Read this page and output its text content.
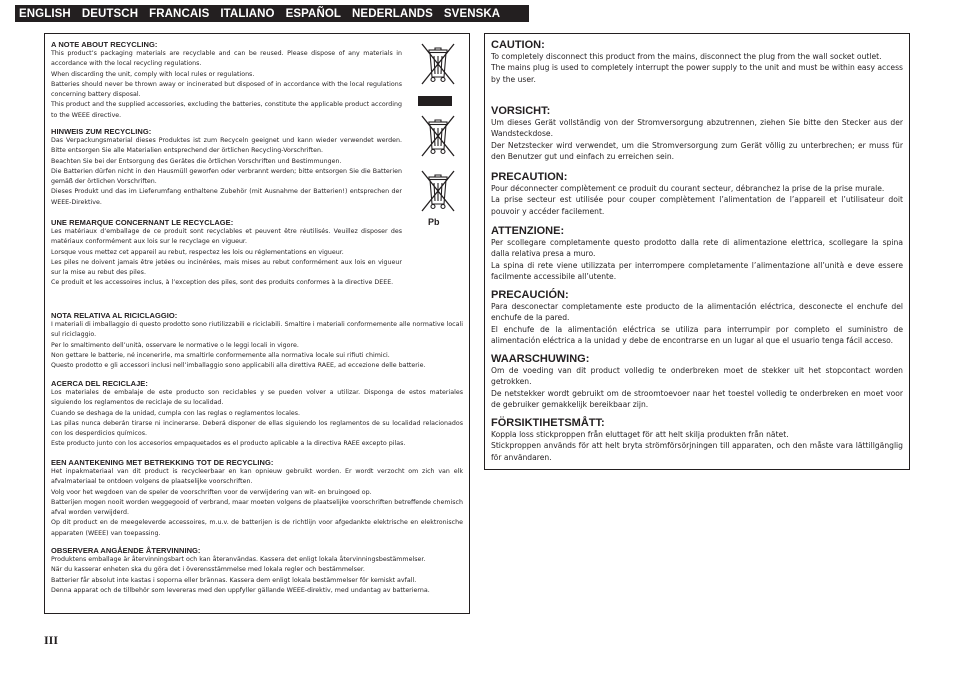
ENGLISH DEUTSCH FRANCAIS ITALIANO ESPAÑOL NEDERLANDS SVENSKA
A NOTE ABOUT RECYCLING:

This product’s packaging materials are recyclable and can be reused. Please dispose of any materials in accordance with the local recycling regulations.

When discarding the unit, comply with local rules or regulations.

Batteries should never be thrown away or incinerated but disposed of in accordance with the local regulations concerning battery disposal.

This product and the supplied accessories, excluding the batteries, constitute the applicable product according to the WEEE directive.

HINWEIS ZUM RECYCLING:

Das Verpackungsmaterial dieses Produktes ist zum Recyceln geeignet und kann wieder verwendet werden. Bitte entsorgen Sie alle Materialien entsprechend der örtlichen Recycling-Vorschriften.

Beachten Sie bei der Entsorgung des Gerätes die örtlichen Vorschriften und Bestimmungen.

Die Batterien dürfen nicht in den Hausmüll geworfen oder verbrannt werden; bitte entsorgen Sie die Batterien gemäß der örtlichen Vorschriften.

Dieses Produkt und das im Lieferumfang enthaltene Zubehör (mit Ausnahme der Batterien!) entsprechen der WEEE-Direktive.

UNE REMARQUE CONCERNANT LE RECYCLAGE:

Les matériaux d’emballage de ce produit sont recyclables et peuvent être réutilisés. Veuillez disposer des matériaux conformément aux lois sur le recyclage en vigueur.

Lorsque vous mettez cet appareil au rebut, respectez les lois ou réglementations en vigueur.

Les piles ne doivent jamais être jetées ou incinérées, mais mises au rebut conformément aux lois en vigueur sur la mise au rebut des piles.

Ce produit et les accessoires inclus, à l’exception des piles, sont des produits conformes à la directive DEEE.

NOTA RELATIVA AL RICICLAGGIO:

I materiali di imballaggio di questo prodotto sono riutilizzabili e riciclabili. Smaltire i materiali conformemente alle normative locali sul riciclaggio.

Per lo smaltimento dell’unità, osservare le normative o le leggi locali in vigore.

Non gettare le batterie, né incenerirle, ma smaltirle conformemente alla normativa locale sui rifiuti chimici.

Questo prodotto e gli accessori inclusi nell’imballaggio sono applicabili alla direttiva RAEE, ad eccezione delle batterie.

ACERCA DEL RECICLAJE:

Los materiales de embalaje de este producto son reciclables y se pueden volver a utilizar. Disponga de estos materiales siguiendo los reglamentos de reciclaje de su localidad.

Cuando se deshaga de la unidad, cumpla con las reglas o reglamentos locales.

Las pilas nunca deberán tirarse ni incinerarse. Deberá disponer de ellas siguiendo los reglamentos de su localidad relacionados con los desperdicios químicos.

Este producto junto con los accesorios empaquetados es el producto aplicable a la directiva RAEE excepto pilas.

EEN AANTEKENING MET BETREKKING TOT DE RECYCLING:

Het inpakmateriaal van dit product is recycleerbaar en kan opnieuw gebruikt worden. Er wordt verzocht om zich van elk afvalmateriaal te ontdoen volgens de plaatselijke voorschriften.

Volg voor het wegdoen van de speler de voorschriften voor de verwijdering van wit- en bruingoed op.

Batterijen mogen nooit worden weggegooid of verbrand, maar moeten volgens de plaatselijke voorschriften betreffende chemisch afval worden verwijderd.

Op dit product en de meegeleverde accessoires, m.u.v. de batterijen is de richtlijn voor afgedankte elektrische en elektronische apparaten (WEEE) van toepassing.

OBSERVERA ANGÅENDE ÅTERVINNING:

Produktens emballage är återvinningsbart och kan återanvändas. Kassera det enligt lokala återvinningsbestämmelser.

När du kasserar enheten ska du göra det i överensstämmelse med lokala regler och bestämmelser.

Batterier får absolut inte kastas i soporna eller brännas. Kassera dem enligt lokala bestämmelser för kemiskt avfall.

Denna apparat och de tillbehör som levereras med den uppfyller gällande WEEE-direktiv, med undantag av batterierna.

Pb
CAUTION:

To completely disconnect this product from the mains, disconnect the plug from the wall socket outlet.

The mains plug is used to completely interrupt the power supply to the unit and must be within easy access by the user.

VORSICHT:

Um dieses Gerät vollständig von der Stromversorgung abzutrennen, ziehen Sie bitte den Stecker aus der Wandsteckdose.

Der Netzstecker wird verwendet, um die Stromversorgung zum Gerät völlig zu unterbrechen; er muss für den Benutzer gut und einfach zu erreichen sein.

PRECAUTION:

Pour déconnecter complètement ce produit du courant secteur, débranchez la prise de la prise murale.

La prise secteur est utilisée pour couper complètement l’alimentation de l’appareil et l’utilisateur doit pouvoir y accéder facilement.

ATTENZIONE:

Per scollegare completamente questo prodotto dalla rete di alimentazione elettrica, scollegare la spina dalla relativa presa a muro.

La spina di rete viene utilizzata per interrompere completamente l’alimentazione all’unità e deve essere facilmente accessibile all’utente.

PRECAUCIÓN:

Para desconectar completamente este producto de la alimentación eléctrica, desconecte el enchufe del enchufe de la pared.

El enchufe de la alimentación eléctrica se utiliza para interrumpir por completo el suministro de alimentación eléctrica a la unidad y debe de encontrarse en un lugar al que el usuario tenga fácil acceso.

WAARSCHUWING:

Om de voeding van dit product volledig te onderbreken moet de stekker uit het stopcontact worden getrokken.

De netstekker wordt gebruikt om de stroomtoevoer naar het toestel volledig te onderbreken en moet voor de gebruiker gemakkelijk bereikbaar zijn.

FÖRSIKTIHETSMÅTT:

Koppla loss stickproppen från eluttaget för att helt skilja produkten från nätet.

Stickproppen används för att helt bryta strömförsörjningen till apparaten, och den måste vara lättillgänglig för användaren.

III
